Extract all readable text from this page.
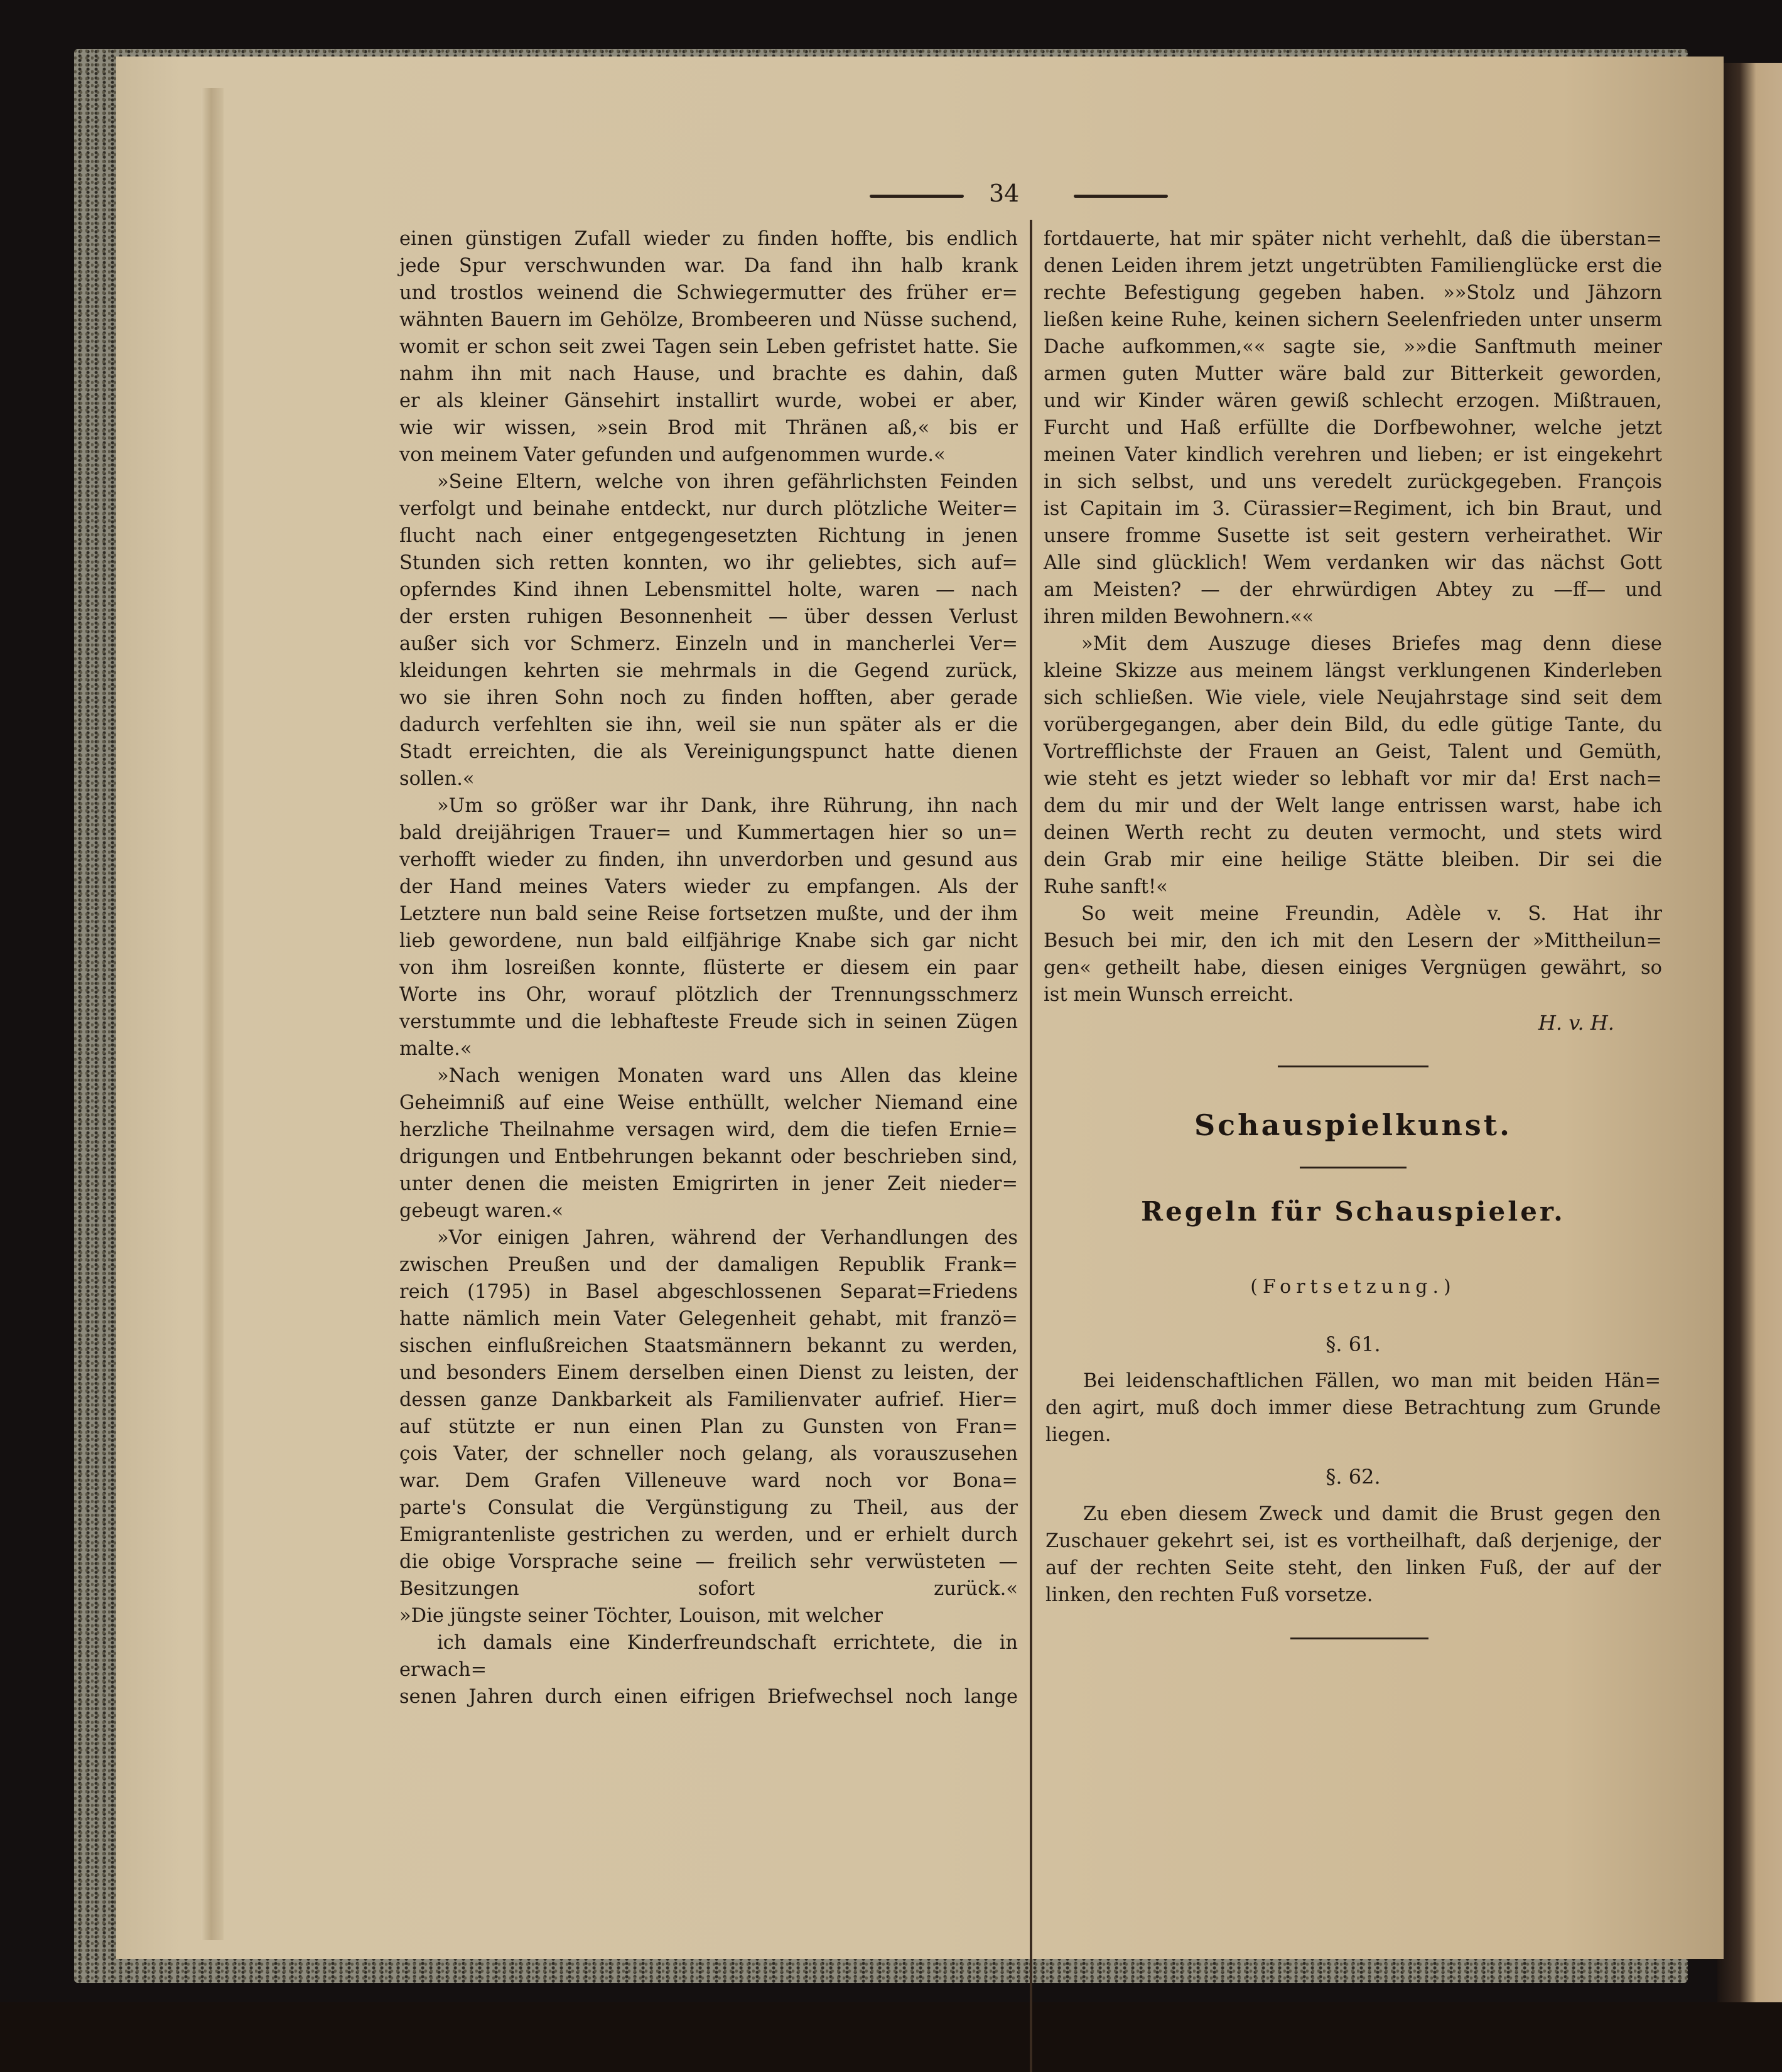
34

einen günstigen Zufall wieder zu finden hoffte, bis endlich

jede Spur verschwunden war. Da fand ihn halb krank

und trostlos weinend die Schwiegermutter des früher er=

wähnten Bauern im Gehölze, Brombeeren und Nüsse suchend,

womit er schon seit zwei Tagen sein Leben gefristet hatte. Sie

nahm ihn mit nach Hause, und brachte es dahin, daß

er als kleiner Gänsehirt installirt wurde, wobei er aber,

wie wir wissen, »sein Brod mit Thränen aß,« bis er

von meinem Vater gefunden und aufgenommen wurde.«

»Seine Eltern, welche von ihren gefährlichsten Feinden

verfolgt und beinahe entdeckt, nur durch plötzliche Weiter=

flucht nach einer entgegengesetzten Richtung in jenen

Stunden sich retten konnten, wo ihr geliebtes, sich auf=

opferndes Kind ihnen Lebensmittel holte, waren — nach

der ersten ruhigen Besonnenheit — über dessen Verlust

außer sich vor Schmerz. Einzeln und in mancherlei Ver=

kleidungen kehrten sie mehrmals in die Gegend zurück,

wo sie ihren Sohn noch zu finden hofften, aber gerade

dadurch verfehlten sie ihn, weil sie nun später als er die

Stadt erreichten, die als Vereinigungspunct hatte dienen

sollen.«

»Um so größer war ihr Dank, ihre Rührung, ihn nach

bald dreijährigen Trauer= und Kummertagen hier so un=

verhofft wieder zu finden, ihn unverdorben und gesund aus

der Hand meines Vaters wieder zu empfangen. Als der

Letztere nun bald seine Reise fortsetzen mußte, und der ihm

lieb gewordene, nun bald eilfjährige Knabe sich gar nicht

von ihm losreißen konnte, flüsterte er diesem ein paar

Worte ins Ohr, worauf plötzlich der Trennungsschmerz

verstummte und die lebhafteste Freude sich in seinen Zügen

malte.«

»Nach wenigen Monaten ward uns Allen das kleine

Geheimniß auf eine Weise enthüllt, welcher Niemand eine

herzliche Theilnahme versagen wird, dem die tiefen Ernie=

drigungen und Entbehrungen bekannt oder beschrieben sind,

unter denen die meisten Emigrirten in jener Zeit nieder=

gebeugt waren.«

»Vor einigen Jahren, während der Verhandlungen des

zwischen Preußen und der damaligen Republik Frank=

reich (1795) in Basel abgeschlossenen Separat=Friedens

hatte nämlich mein Vater Gelegenheit gehabt, mit franzö=

sischen einflußreichen Staatsmännern bekannt zu werden,

und besonders Einem derselben einen Dienst zu leisten, der

dessen ganze Dankbarkeit als Familienvater aufrief. Hier=

auf stützte er nun einen Plan zu Gunsten von Fran=

çois Vater, der schneller noch gelang, als vorauszusehen

war. Dem Grafen Villeneuve ward noch vor Bona=

parte's Consulat die Vergünstigung zu Theil, aus der

Emigrantenliste gestrichen zu werden, und er erhielt durch

die obige Vorsprache seine — freilich sehr verwüsteten —

Besitzungen sofort zurück.«

»Die jüngste seiner Töchter, Louison, mit welcher

ich damals eine Kinderfreundschaft errichtete, die in erwach=

senen Jahren durch einen eifrigen Briefwechsel noch lange

fortdauerte, hat mir später nicht verhehlt, daß die überstan=

denen Leiden ihrem jetzt ungetrübten Familienglücke erst die

rechte Befestigung gegeben haben. »»Stolz und Jähzorn

ließen keine Ruhe, keinen sichern Seelenfrieden unter unserm

Dache aufkommen,«« sagte sie, »»die Sanftmuth meiner

armen guten Mutter wäre bald zur Bitterkeit geworden,

und wir Kinder wären gewiß schlecht erzogen. Mißtrauen,

Furcht und Haß erfüllte die Dorfbewohner, welche jetzt

meinen Vater kindlich verehren und lieben; er ist eingekehrt

in sich selbst, und uns veredelt zurückgegeben. François

ist Capitain im 3. Cürassier=Regiment, ich bin Braut, und

unsere fromme Susette ist seit gestern verheirathet. Wir

Alle sind glücklich! Wem verdanken wir das nächst Gott

am Meisten? — der ehrwürdigen Abtey zu —ff— und

ihren milden Bewohnern.««

»Mit dem Auszuge dieses Briefes mag denn diese

kleine Skizze aus meinem längst verklungenen Kinderleben

sich schließen. Wie viele, viele Neujahrstage sind seit dem

vorübergegangen, aber dein Bild, du edle gütige Tante, du

Vortrefflichste der Frauen an Geist, Talent und Gemüth,

wie steht es jetzt wieder so lebhaft vor mir da! Erst nach=

dem du mir und der Welt lange entrissen warst, habe ich

deinen Werth recht zu deuten vermocht, und stets wird

dein Grab mir eine heilige Stätte bleiben. Dir sei die

Ruhe sanft!«

So weit meine Freundin, Adèle v. S. Hat ihr

Besuch bei mir, den ich mit den Lesern der »Mittheilun=

gen« getheilt habe, diesen einiges Vergnügen gewährt, so

ist mein Wunsch erreicht.

H. v. H.
Schauspielkunst.
Regeln für Schauspieler.
(Fortsetzung.)
§. 61.

Bei leidenschaftlichen Fällen, wo man mit beiden Hän=

den agirt, muß doch immer diese Betrachtung zum Grunde

liegen.

§. 62.

Zu eben diesem Zweck und damit die Brust gegen den

Zuschauer gekehrt sei, ist es vortheilhaft, daß derjenige, der

auf der rechten Seite steht, den linken Fuß, der auf der

linken, den rechten Fuß vorsetze.
